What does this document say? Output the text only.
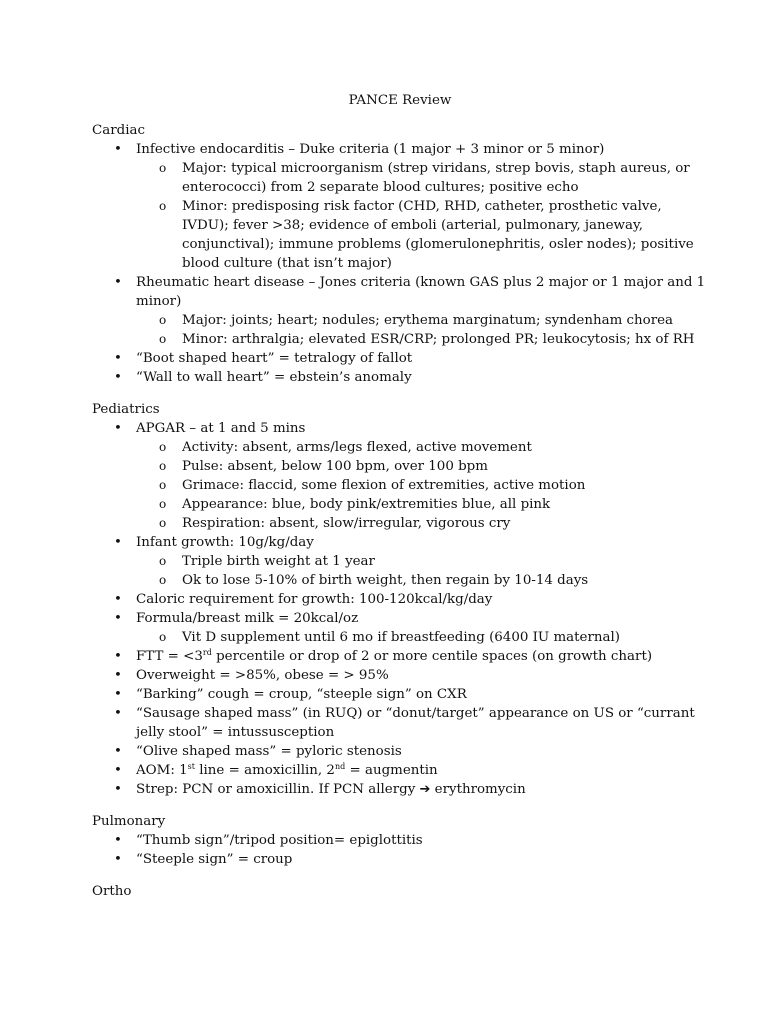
PANCE Review

Cardiac

• Infective endocarditis – Duke criteria (1 major + 3 minor or 5 minor)
o Major: typical microorganism (strep viridans, strep bovis, staph aureus, or enterococci) from 2 separate blood cultures; positive echo
o Minor: predisposing risk factor (CHD, RHD, catheter, prosthetic valve, IVDU); fever >38; evidence of emboli (arterial, pulmonary, janeway, conjunctival); immune problems (glomerulonephritis, osler nodes); positive blood culture (that isn’t major)
• Rheumatic heart disease – Jones criteria (known GAS plus 2 major or 1 major and 1 minor)
o Major: joints; heart; nodules; erythema marginatum; syndenham chorea
o Minor: arthralgia; elevated ESR/CRP; prolonged PR; leukocytosis; hx of RH
• “Boot shaped heart” = tetralogy of fallot
• “Wall to wall heart” = ebstein’s anomaly

Pediatrics

• APGAR – at 1 and 5 mins
o Activity: absent, arms/legs flexed, active movement
o Pulse: absent, below 100 bpm, over 100 bpm
o Grimace: flaccid, some flexion of extremities, active motion
o Appearance: blue, body pink/extremities blue, all pink
o Respiration: absent, slow/irregular, vigorous cry
• Infant growth: 10g/kg/day
o Triple birth weight at 1 year
o Ok to lose 5-10% of birth weight, then regain by 10-14 days
• Caloric requirement for growth: 100-120kcal/kg/day
• Formula/breast milk = 20kcal/oz
o Vit D supplement until 6 mo if breastfeeding (6400 IU maternal)
• FTT = <3rd percentile or drop of 2 or more centile spaces (on growth chart)
• Overweight = >85%, obese = > 95%
• “Barking” cough = croup, “steeple sign” on CXR
• “Sausage shaped mass” (in RUQ) or “donut/target” appearance on US or “currant jelly stool” = intussusception
• “Olive shaped mass” = pyloric stenosis
• AOM: 1st line = amoxicillin, 2nd = augmentin
• Strep: PCN or amoxicillin. If PCN allergy ➔ erythromycin

Pulmonary

• “Thumb sign”/tripod position= epiglottitis
• “Steeple sign” = croup

Ortho
